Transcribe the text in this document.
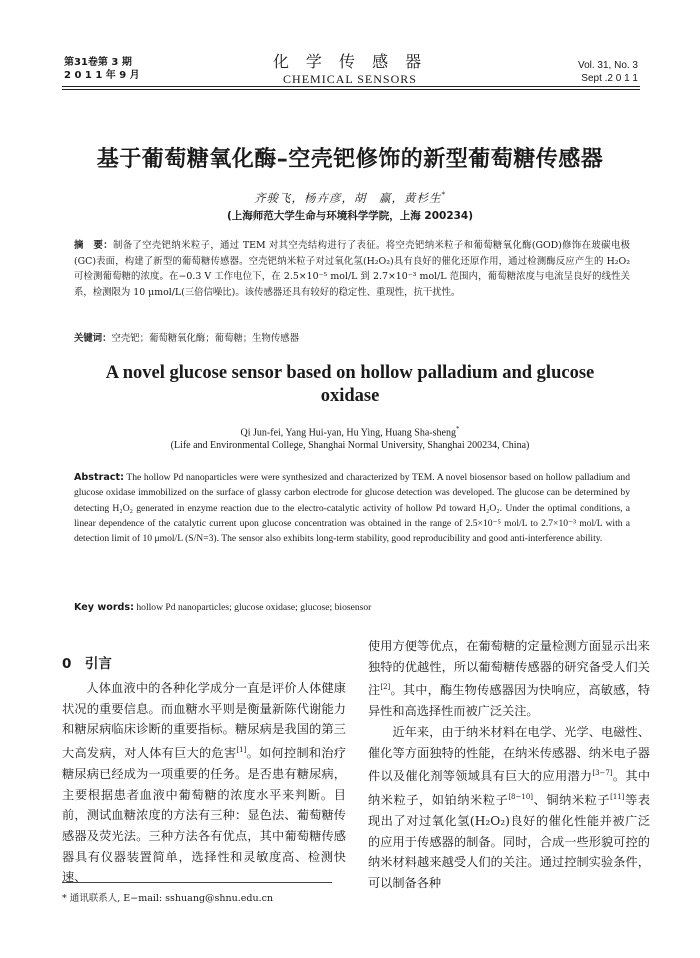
第31卷第 3 期
2 0 1 1 年 9 月
化 学 传 感 器
CHEMICAL SENSORS
Vol. 31, No. 3
Sept .2 0 1 1
基于葡萄糖氧化酶–空壳钯修饰的新型葡萄糖传感器
齐骏飞，杨卉彦，胡　赢，黄杉生*
(上海师范大学生命与环境科学学院，上海 200234)
摘　要：制备了空壳钯纳米粒子，通过 TEM 对其空壳结构进行了表征。将空壳钯纳米粒子和葡萄糖氧化酶(GOD)修饰在玻碳电极(GC)表面，构建了新型的葡萄糖传感器。空壳钯纳米粒子对过氧化氢(H₂O₂)具有良好的催化还原作用，通过检测酶反应产生的 H₂O₂ 可检测葡萄糖的浓度。在−0.3 V 工作电位下，在 2.5×10⁻⁵ mol/L 到 2.7×10⁻³ mol/L 范围内，葡萄糖浓度与电流呈良好的线性关系，检测限为 10 μmol/L(三倍信噪比)。该传感器还具有较好的稳定性、重现性，抗干扰性。
关键词：空壳钯；葡萄糖氧化酶；葡萄糖；生物传感器
A novel glucose sensor based on hollow palladium and glucose oxidase
Qi Jun-fei, Yang Hui-yan, Hu Ying, Huang Sha-sheng*
(Life and Environmental College, Shanghai Normal University, Shanghai 200234, China)
Abstract: The hollow Pd nanoparticles were were synthesized and characterized by TEM. A novel biosensor based on hollow palladium and glucose oxidase immobilized on the surface of glassy carbon electrode for glucose detection was developed. The glucose can be determined by detecting H₂O₂ generated in enzyme reaction due to the electro-catalytic activity of hollow Pd toward H₂O₂. Under the optimal conditions, a linear dependence of the catalytic current upon glucose concentration was obtained in the range of 2.5×10⁻⁵ mol/L to 2.7×10⁻³ mol/L with a detection limit of 10 μmol/L (S/N=3). The sensor also exhibits long-term stability, good reproducibility and good anti-interference ability.
Key words: hollow Pd nanoparticles; glucose oxidase; glucose; biosensor
0　引言

人体血液中的各种化学成分一直是评价人体健康状况的重要信息。而血糖水平则是衡量新陈代谢能力和糖尿病临床诊断的重要指标。糖尿病是我国的第三大高发病，对人体有巨大的危害[1]。如何控制和治疗糖尿病已经成为一项重要的任务。是否患有糖尿病，主要根据患者血液中葡萄糖的浓度水平来判断。目前，测试血糖浓度的方法有三种：显色法、葡萄糖传感器及荧光法。三种方法各有优点，其中葡萄糖传感器具有仪器装置简单，选择性和灵敏度高、检测快速、

使用方便等优点，在葡萄糖的定量检测方面显示出来独特的优越性，所以葡萄糖传感器的研究备受人们关注[2]。其中，酶生物传感器因为快响应，高敏感，特异性和高选择性而被广泛关注。

近年来，由于纳米材料在电学、光学、电磁性、催化等方面独特的性能，在纳米传感器、纳米电子器件以及催化剂等领域具有巨大的应用潜力[3−7]。其中纳米粒子，如铂纳米粒子[8−10]、铜纳米粒子[11]等表现出了对过氧化氢(H₂O₂)良好的催化性能并被广泛的应用于传感器的制备。同时，合成一些形貌可控的纳米材料越来越受人们的关注。通过控制实验条件，可以制备各种

* 通讯联系人, E−mail: sshuang@shnu.edu.cn
